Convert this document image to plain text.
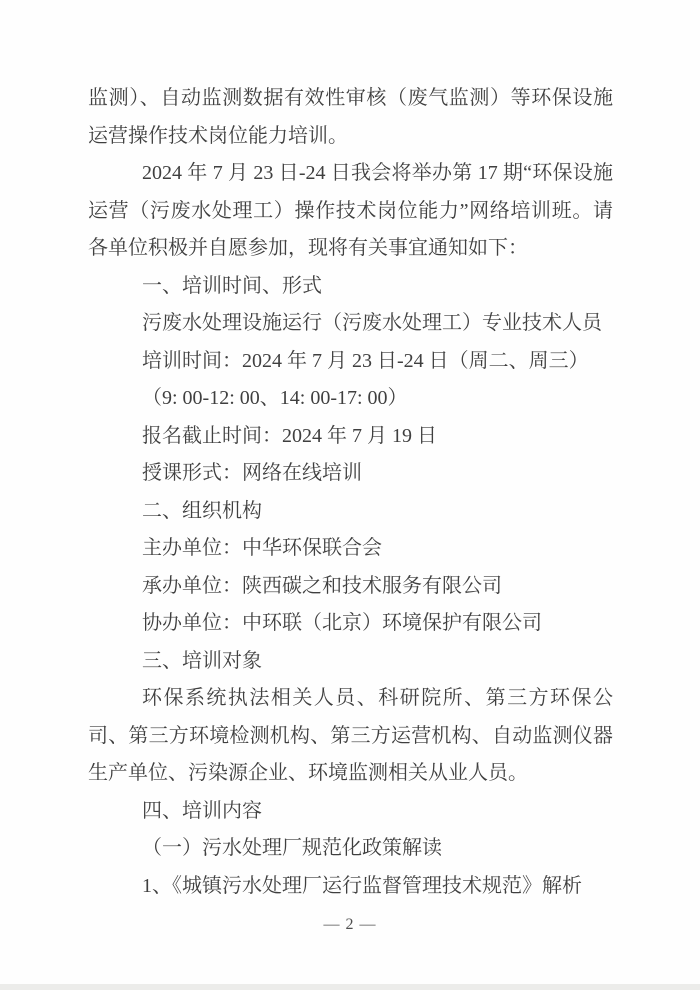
监测）、自动监测数据有效性审核（废气监测）等环保设施运营操作技术岗位能力培训。

2024 年 7 月 23 日-24 日我会将举办第 17 期“环保设施运营（污废水处理工）操作技术岗位能力”网络培训班。请各单位积极并自愿参加，现将有关事宜通知如下：

一、培训时间、形式

污废水处理设施运行（污废水处理工）专业技术人员

培训时间：2024 年 7 月 23 日-24 日（周二、周三）

（9: 00-12: 00、14: 00-17: 00）

报名截止时间：2024 年 7 月 19 日

授课形式：网络在线培训

二、组织机构

主办单位：中华环保联合会

承办单位：陕西碳之和技术服务有限公司

协办单位：中环联（北京）环境保护有限公司

三、培训对象

环保系统执法相关人员、科研院所、第三方环保公司、第三方环境检测机构、第三方运营机构、自动监测仪器生产单位、污染源企业、环境监测相关从业人员。

四、培训内容

（一）污水处理厂规范化政策解读

1、《城镇污水处理厂运行监督管理技术规范》解析

— 2 —
